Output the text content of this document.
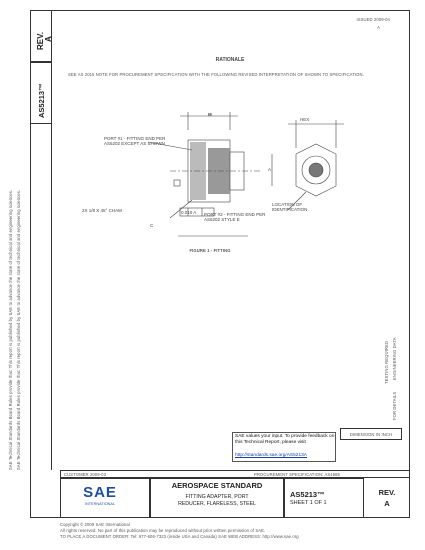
SAE Technical Standards Board Rules provide that: This report is published by SAE to advance the state of technical and engineering sciences. SAE Technical Standards Board Rules provide that: This report is published by SAE to advance the state of technical and engineering sciences.
REV. A
AS5213™
ISSUED 2009-04
A
RATIONALE
SEE AS 2015 NOTE FOR PROCUREMENT SPECIFICATION WITH THE FOLLOWING REVISED INTERPRETATION OF SHOWN TO SPECIFICATION.
M
HEX
A
C
0.010 A
PORT #1 - FITTING END PER AS5202 EXCEPT AS SHOWN
PORT #2 - FITTING END PER AS5202 STYLE E
2X 1/8 X 45° CHAM
LOCATION OF IDENTIFICATION
FIGURE 1 - FITTING
TESTING REQUIRED
FOR DETAILS
ENGINEERING DATA
SAE values your input. To provide feedback on this Technical Report, please visit
http://standards.sae.org/AS5213A
DIMENSION IN INCH
CUSTOMER 2009-03	PROCUREMENT SPECIFICATION: AS4865
SAE
INTERNATIONAL
AEROSPACE STANDARD
FITTING ADAPTER, PORT
REDUCER, FLARELESS, STEEL
AS5213™
SHEET 1 OF 1
REV.
A
Copyright © 2009 SAE International
All rights reserved. No part of this publication may be reproduced without prior written permission of SAE.
TO PLACE A DOCUMENT ORDER: Tel: 877-606-7323 (inside USA and Canada) SAE WEB ADDRESS: http://www.sae.org
